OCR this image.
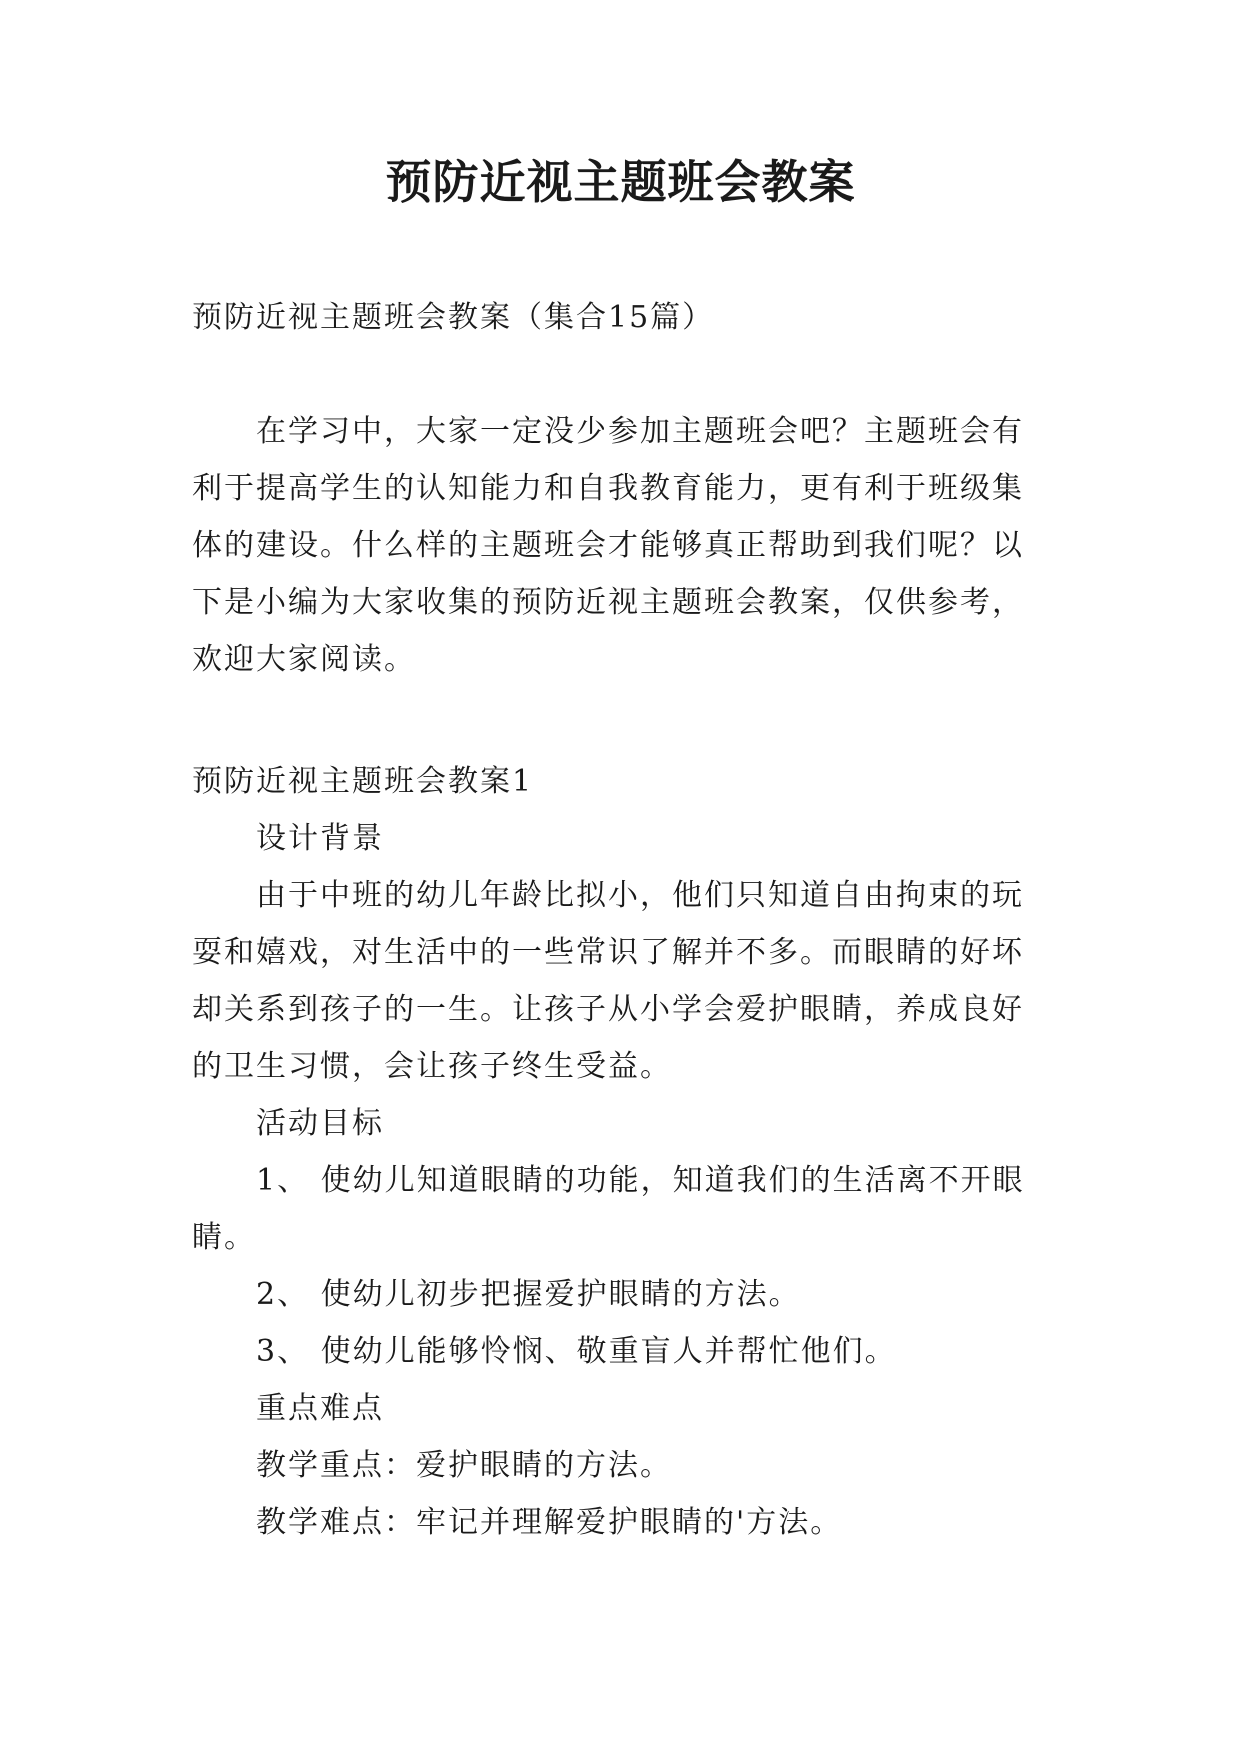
预防近视主题班会教案
预防近视主题班会教案（集合15篇）
在学习中，大家一定没少参加主题班会吧？主题班会有
利于提高学生的认知能力和自我教育能力，更有利于班级集
体的建设。什么样的主题班会才能够真正帮助到我们呢？以
下是小编为大家收集的预防近视主题班会教案，仅供参考，
欢迎大家阅读。
预防近视主题班会教案1
设计背景
由于中班的幼儿年龄比拟小，他们只知道自由拘束的玩
耍和嬉戏，对生活中的一些常识了解并不多。而眼睛的好坏
却关系到孩子的一生。让孩子从小学会爱护眼睛，养成良好
的卫生习惯，会让孩子终生受益。
活动目标
1、 使幼儿知道眼睛的功能，知道我们的生活离不开眼
睛。
2、 使幼儿初步把握爱护眼睛的方法。
3、 使幼儿能够怜悯、敬重盲人并帮忙他们。
重点难点
教学重点：爱护眼睛的方法。
教学难点：牢记并理解爱护眼睛的'方法。
